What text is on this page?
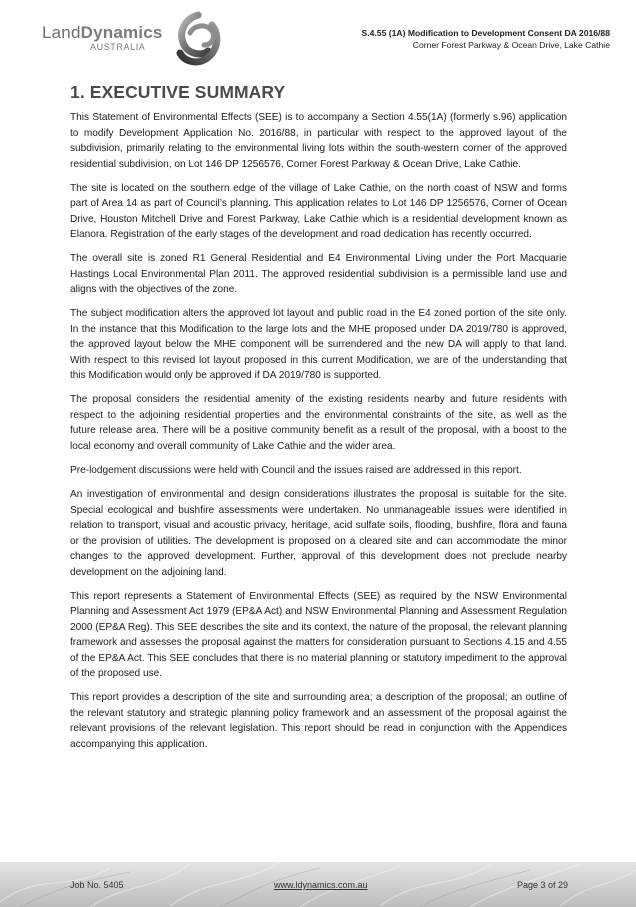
LandDynamics
AUSTRALIA
S.4.55 (1A) Modification to Development Consent DA 2016/88
Corner Forest Parkway & Ocean Drive, Lake Cathie
1. EXECUTIVE SUMMARY

This Statement of Environmental Effects (SEE) is to accompany a Section 4.55(1A) (formerly s.96) application to modify Development Application No. 2016/88, in particular with respect to the approved layout of the subdivision, primarily relating to the environmental living lots within the south-western corner of the approved residential subdivision, on Lot 146 DP 1256576, Corner Forest Parkway & Ocean Drive, Lake Cathie.

The site is located on the southern edge of the village of Lake Cathie, on the north coast of NSW and forms part of Area 14 as part of Council’s planning. This application relates to Lot 146 DP 1256576, Corner of Ocean Drive, Houston Mitchell Drive and Forest Parkway, Lake Cathie which is a residential development known as Elanora. Registration of the early stages of the development and road dedication has recently occurred.

The overall site is zoned R1 General Residential and E4 Environmental Living under the Port Macquarie Hastings Local Environmental Plan 2011. The approved residential subdivision is a permissible land use and aligns with the objectives of the zone.

The subject modification alters the approved lot layout and public road in the E4 zoned portion of the site only. In the instance that this Modification to the large lots and the MHE proposed under DA 2019/780 is approved, the approved layout below the MHE component will be surrendered and the new DA will apply to that land. With respect to this revised lot layout proposed in this current Modification, we are of the understanding that this Modification would only be approved if DA 2019/780 is supported.

The proposal considers the residential amenity of the existing residents nearby and future residents with respect to the adjoining residential properties and the environmental constraints of the site, as well as the future release area. There will be a positive community benefit as a result of the proposal, with a boost to the local economy and overall community of Lake Cathie and the wider area.

Pre-lodgement discussions were held with Council and the issues raised are addressed in this report.

An investigation of environmental and design considerations illustrates the proposal is suitable for the site. Special ecological and bushfire assessments were undertaken. No unmanageable issues were identified in relation to transport, visual and acoustic privacy, heritage, acid sulfate soils, flooding, bushfire, flora and fauna or the provision of utilities. The development is proposed on a cleared site and can accommodate the minor changes to the approved development. Further, approval of this development does not preclude nearby development on the adjoining land.

This report represents a Statement of Environmental Effects (SEE) as required by the NSW Environmental Planning and Assessment Act 1979 (EP&A Act) and NSW Environmental Planning and Assessment Regulation 2000 (EP&A Reg). This SEE describes the site and its context, the nature of the proposal, the relevant planning framework and assesses the proposal against the matters for consideration pursuant to Sections 4.15 and 4.55 of the EP&A Act. This SEE concludes that there is no material planning or statutory impediment to the approval of the proposed use.

This report provides a description of the site and surrounding area; a description of the proposal; an outline of the relevant statutory and strategic planning policy framework and an assessment of the proposal against the relevant provisions of the relevant legislation. This report should be read in conjunction with the Appendices accompanying this application.

Job No. 5405	www.ldynamics.com.au	Page 3 of 29
